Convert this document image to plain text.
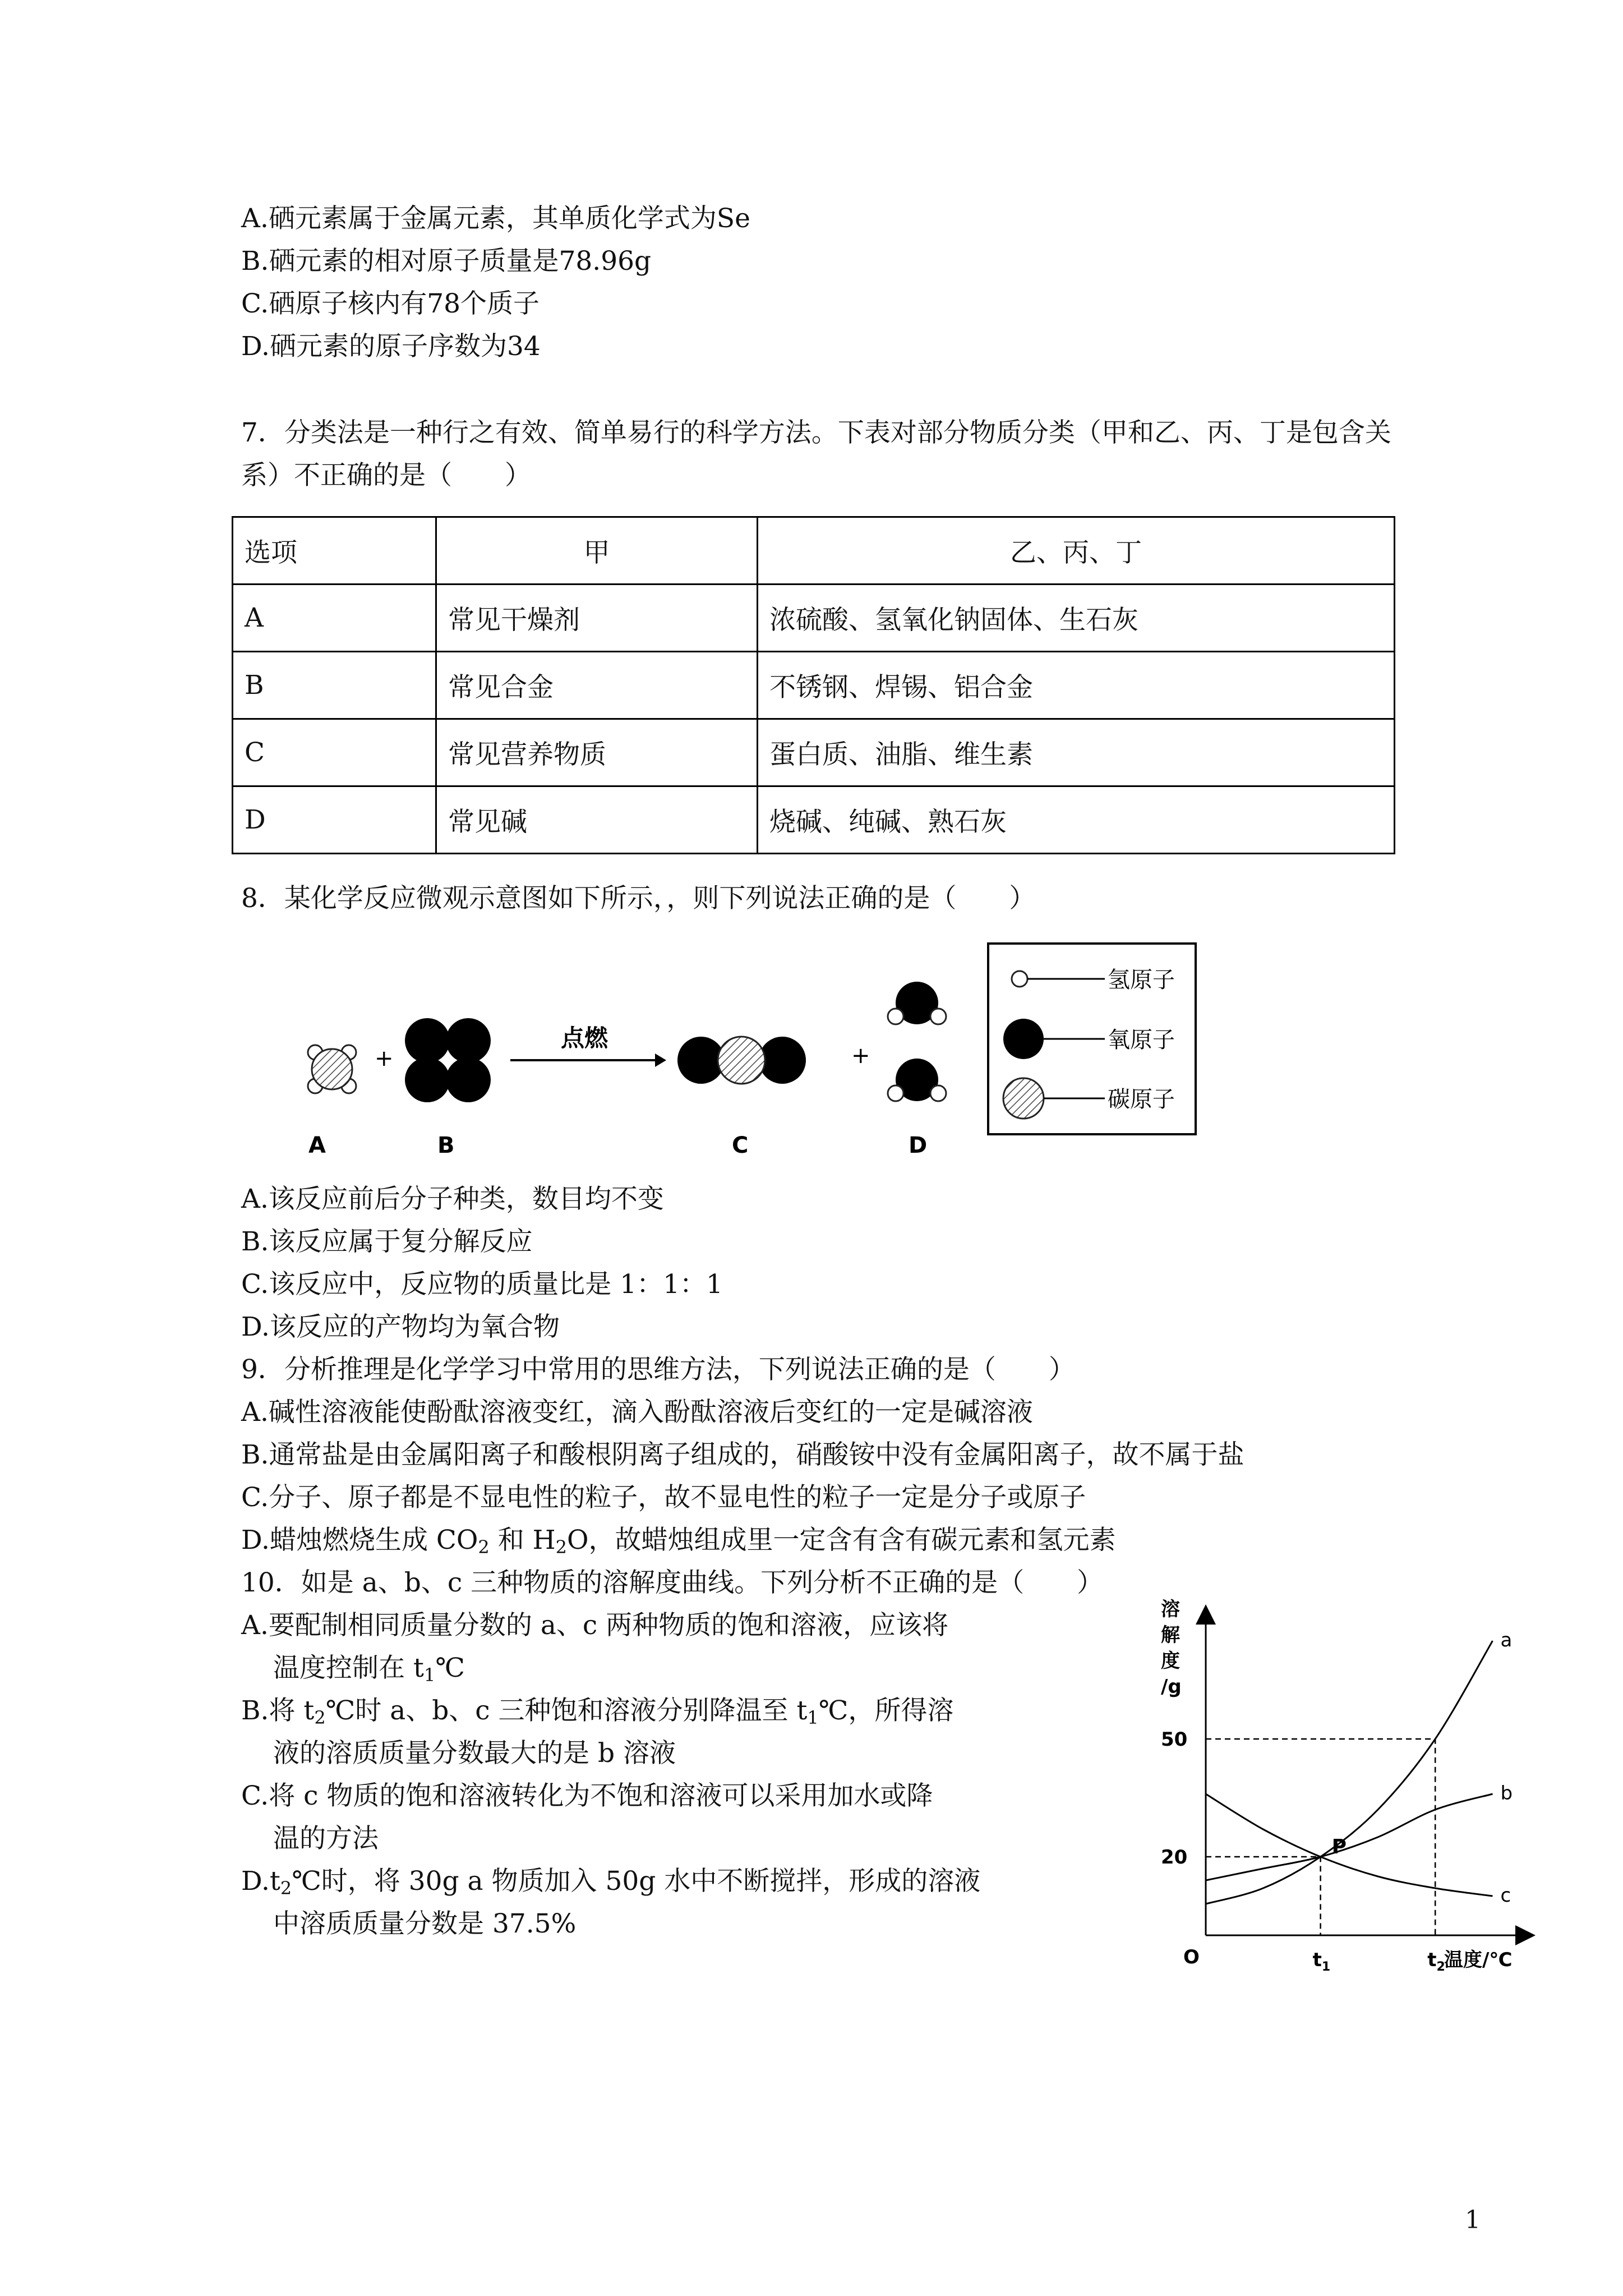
A.硒元素属于金属元素，其单质化学式为Se
B.硒元素的相对原子质量是78.96g
C.硒原子核内有78个质子
D.硒元素的原子序数为34
7．分类法是一种行之有效、简单易行的科学方法。下表对部分物质分类（甲和乙、丙、丁是包含关
系）不正确的是（　　）
选项	甲	乙、丙、丁
A	常见干燥剂	浓硫酸、氢氧化钠固体、生石灰
B	常见合金	不锈钢、焊锡、铝合金
C	常见营养物质	蛋白质、油脂、维生素
D	常见碱	烧碱、纯碱、熟石灰
8．某化学反应微观示意图如下所示，，则下列说法正确的是（　　）
+
点燃
+
A	B	C	D
氢原子
氧原子
碳原子
A.该反应前后分子种类，数目均不变
B.该反应属于复分解反应
C.该反应中，反应物的质量比是 1：1：1
D.该反应的产物均为氧合物
9．分析推理是化学学习中常用的思维方法，下列说法正确的是（　　）
A.碱性溶液能使酚酞溶液变红，滴入酚酞溶液后变红的一定是碱溶液
B.通常盐是由金属阳离子和酸根阴离子组成的，硝酸铵中没有金属阳离子，故不属于盐
C.分子、原子都是不显电性的粒子，故不显电性的粒子一定是分子或原子
D.蜡烛燃烧生成 $CO_2$ 和 $H_2O$，故蜡烛组成里一定含有含有碳元素和氢元素
10．如是 a、b、c 三种物质的溶解度曲线。下列分析不正确的是（　　）
A.要配制相同质量分数的 a、c 两种物质的饱和溶液，应该将
温度控制在 $t_1℃$
B.将 $t_2℃$时 a、b、c 三种饱和溶液分别降温至 $t_1℃$，所得溶
液的溶质质量分数最大的是 b 溶液
C.将 c 物质的饱和溶液转化为不饱和溶液可以采用加水或降
温的方法
$D.t_2℃$时，将 30g a 物质加入 50g 水中不断搅拌，形成的溶液
中溶质质量分数是 37.5%
a
b
c
20
50
$t_1$	$t_2$
O
P
溶
解
度
/g
温度/℃
1
